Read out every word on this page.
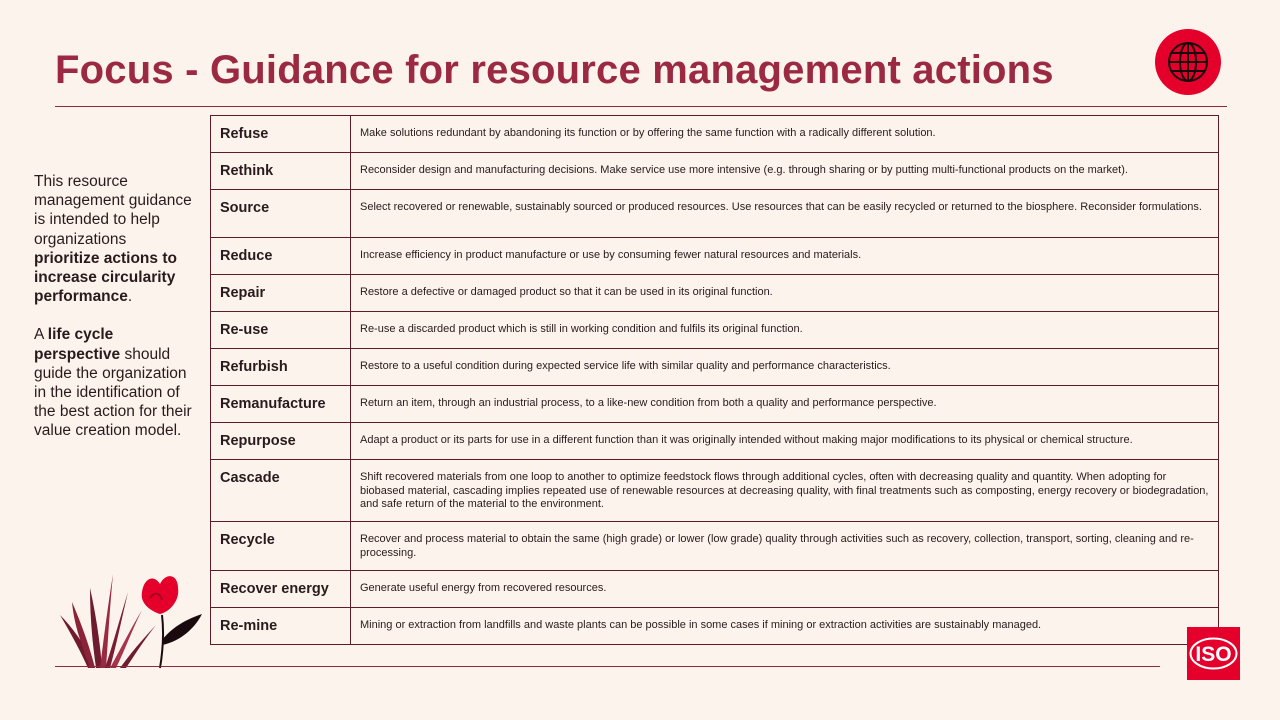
Focus - Guidance for resource management actions

This resource management guidance is intended to help organizations prioritize actions to increase circularity performance.

A life cycle perspective should guide the organization in the identification of the best action for their value creation model.

Refuse	Make solutions redundant by abandoning its function or by offering the same function with a radically different solution.
Rethink	Reconsider design and manufacturing decisions. Make service use more intensive (e.g. through sharing or by putting multi-functional products on the market).
Source	Select recovered or renewable, sustainably sourced or produced resources. Use resources that can be easily recycled or returned to the biosphere. Reconsider formulations.
Reduce	Increase efficiency in product manufacture or use by consuming fewer natural resources and materials.
Repair	Restore a defective or damaged product so that it can be used in its original function.
Re-use	Re-use a discarded product which is still in working condition and fulfils its original function.
Refurbish	Restore to a useful condition during expected service life with similar quality and performance characteristics.
Remanufacture	Return an item, through an industrial process, to a like-new condition from both a quality and performance perspective.
Repurpose	Adapt a product or its parts for use in a different function than it was originally intended without making major modifications to its physical or chemical structure.
Cascade	Shift recovered materials from one loop to another to optimize feedstock flows through additional cycles, often with decreasing quality and quantity. When adopting for biobased material, cascading implies repeated use of renewable resources at decreasing quality, with final treatments such as composting, energy recovery or biodegradation, and safe return of the material to the environment.
Recycle	Recover and process material to obtain the same (high grade) or lower (low grade) quality through activities such as recovery, collection, transport, sorting, cleaning and re-processing.
Recover energy	Generate useful energy from recovered resources.
Re-mine	Mining or extraction from landfills and waste plants can be possible in some cases if mining or extraction activities are sustainably managed.
ISO
